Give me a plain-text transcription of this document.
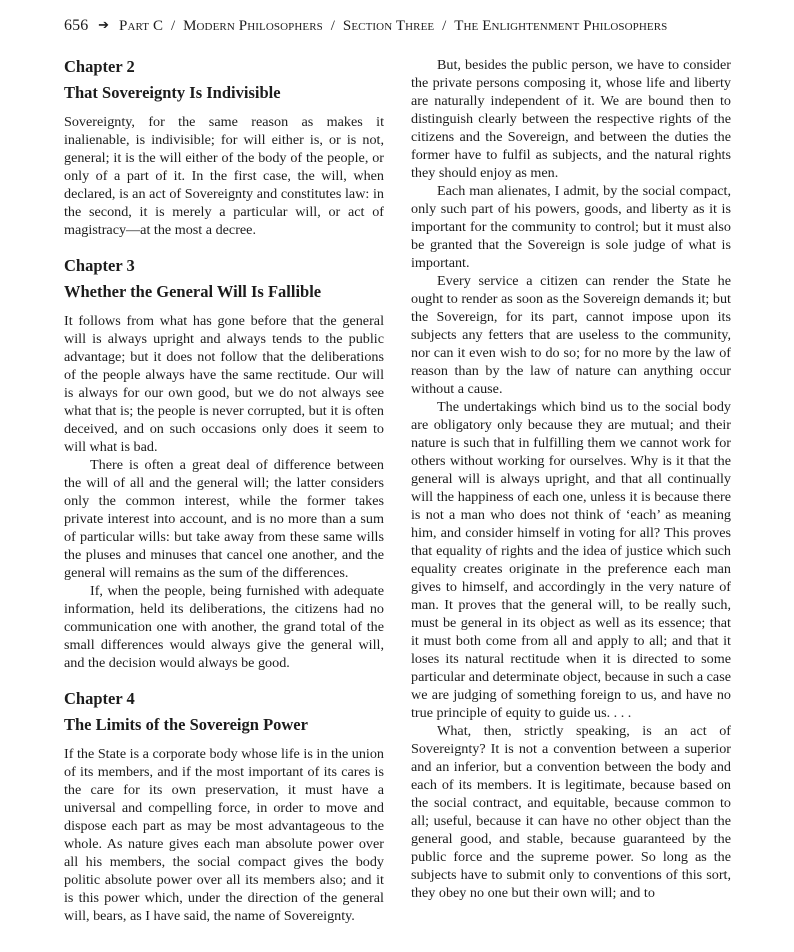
656 ➔ Part C / Modern Philosophers / Section Three / The Enlightenment Philosophers
Chapter 2
That Sovereignty Is Indivisible

Sovereignty, for the same reason as makes it inalienable, is indivisible; for will either is, or is not, general; it is the will either of the body of the people, or only of a part of it. In the first case, the will, when declared, is an act of Sovereignty and constitutes law: in the second, it is merely a particular will, or act of magistracy—at the most a decree.

Chapter 3
Whether the General Will Is Fallible

It follows from what has gone before that the general will is always upright and always tends to the public advantage; but it does not follow that the deliberations of the people always have the same rectitude. Our will is always for our own good, but we do not always see what that is; the people is never corrupted, but it is often deceived, and on such occasions only does it seem to will what is bad.

There is often a great deal of difference between the will of all and the general will; the latter considers only the common interest, while the former takes private interest into account, and is no more than a sum of particular wills: but take away from these same wills the pluses and minuses that cancel one another, and the general will remains as the sum of the differences.

If, when the people, being furnished with adequate information, held its deliberations, the citizens had no communication one with another, the grand total of the small differences would always give the general will, and the decision would always be good.

Chapter 4
The Limits of the Sovereign Power

If the State is a corporate body whose life is in the union of its members, and if the most important of its cares is the care for its own preservation, it must have a universal and compelling force, in order to move and dispose each part as may be most advantageous to the whole. As nature gives each man absolute power over all his members, the social compact gives the body politic absolute power over all its members also; and it is this power which, under the direction of the general will, bears, as I have said, the name of Sovereignty.

But, besides the public person, we have to consider the private persons composing it, whose life and liberty are naturally independent of it. We are bound then to distinguish clearly between the respective rights of the citizens and the Sovereign, and between the duties the former have to fulfil as subjects, and the natural rights they should enjoy as men.

Each man alienates, I admit, by the social compact, only such part of his powers, goods, and liberty as it is important for the community to control; but it must also be granted that the Sovereign is sole judge of what is important.

Every service a citizen can render the State he ought to render as soon as the Sovereign demands it; but the Sovereign, for its part, cannot impose upon its subjects any fetters that are useless to the community, nor can it even wish to do so; for no more by the law of reason than by the law of nature can anything occur without a cause.

The undertakings which bind us to the social body are obligatory only because they are mutual; and their nature is such that in fulfilling them we cannot work for others without working for ourselves. Why is it that the general will is always upright, and that all continually will the happiness of each one, unless it is because there is not a man who does not think of ‘each’ as meaning him, and consider himself in voting for all? This proves that equality of rights and the idea of justice which such equality creates originate in the preference each man gives to himself, and accordingly in the very nature of man. It proves that the general will, to be really such, must be general in its object as well as its essence; that it must both come from all and apply to all; and that it loses its natural rectitude when it is directed to some particular and determinate object, because in such a case we are judging of something foreign to us, and have no true principle of equity to guide us. . . .

What, then, strictly speaking, is an act of Sovereignty? It is not a convention between a superior and an inferior, but a convention between the body and each of its members. It is legitimate, because based on the social contract, and equitable, because common to all; useful, because it can have no other object than the general good, and stable, because guaranteed by the public force and the supreme power. So long as the subjects have to submit only to conventions of this sort, they obey no one but their own will; and to
